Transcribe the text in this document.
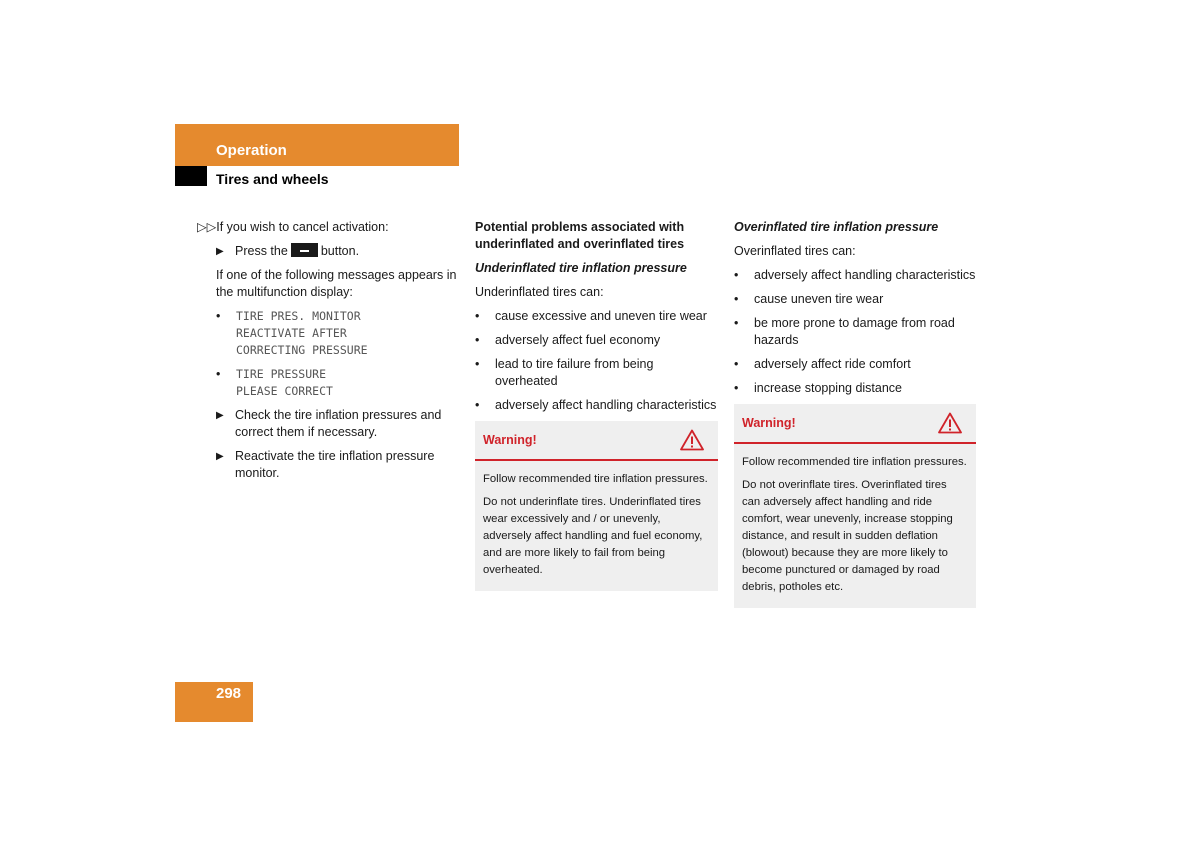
Operation
Tires and wheels

▷▷If you wish to cancel activation:

▶ Press the	button.

If one of the following messages appears in the multifunction display:

•	TIRE PRES. MONITOR
REACTIVATE AFTER
CORRECTING PRESSURE
•	TIRE PRESSURE
PLEASE CORRECT

▶ Check the tire inflation pressures and correct them if necessary.

▶ Reactivate the tire inflation pressure monitor.

Potential problems associated with underinflated and overinflated tires

Underinflated tire inflation pressure

Underinflated tires can:

•	cause excessive and uneven tire wear
•	adversely affect fuel economy
•	lead to tire failure from being overheated
•	adversely affect handling characteristics
Warning!

Follow recommended tire inflation pressures.

Do not underinflate tires. Underinflated tires wear excessively and / or unevenly, adversely affect handling and fuel economy, and are more likely to fail from being overheated.

Overinflated tire inflation pressure

Overinflated tires can:

•	adversely affect handling characteristics
•	cause uneven tire wear
•	be more prone to damage from road hazards
•	adversely affect ride comfort
•	increase stopping distance
Warning!

Follow recommended tire inflation pressures.

Do not overinflate tires. Overinflated tires can adversely affect handling and ride comfort, wear unevenly, increase stopping distance, and result in sudden deflation (blowout) because they are more likely to become punctured or damaged by road debris, potholes etc.

298
